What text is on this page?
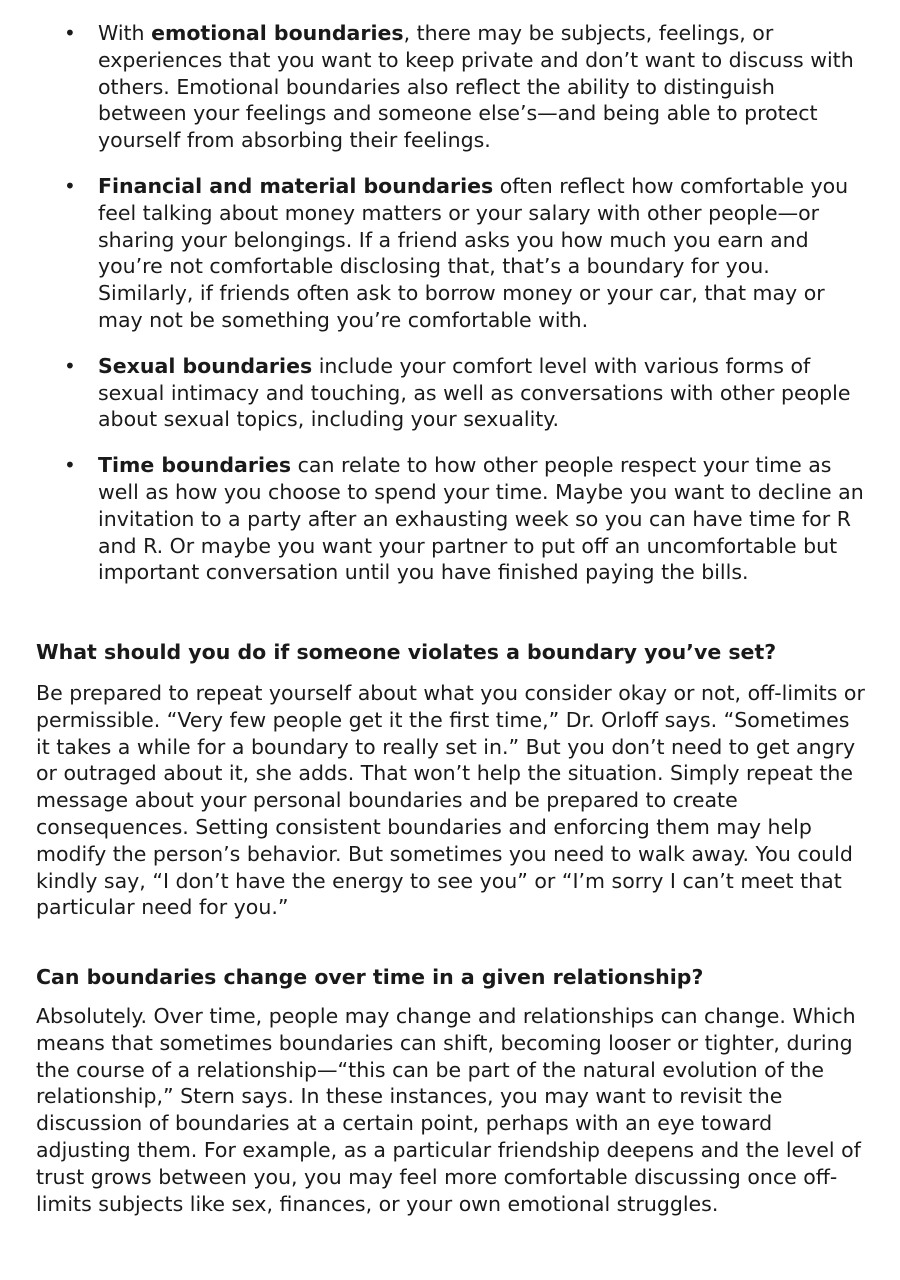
• With emotional boundaries, there may be subjects, feelings, or experiences that you want to keep private and don’t want to discuss with others. Emotional boundaries also reflect the ability to distinguish between your feelings and someone else’s—and being able to protect yourself from absorbing their feelings.
• Financial and material boundaries often reflect how comfortable you feel talking about money matters or your salary with other people—or sharing your belongings. If a friend asks you how much you earn and you’re not comfortable disclosing that, that’s a boundary for you. Similarly, if friends often ask to borrow money or your car, that may or may not be something you’re comfortable with.
• Sexual boundaries include your comfort level with various forms of sexual intimacy and touching, as well as conversations with other people about sexual topics, including your sexuality.
• Time boundaries can relate to how other people respect your time as well as how you choose to spend your time. Maybe you want to decline an invitation to a party after an exhausting week so you can have time for R and R. Or maybe you want your partner to put off an uncomfortable but important conversation until you have finished paying the bills.
What should you do if someone violates a boundary you’ve set?

Be prepared to repeat yourself about what you consider okay or not, off-limits or permissible. “Very few people get it the first time,” Dr. Orloff says. “Sometimes it takes a while for a boundary to really set in.” But you don’t need to get angry or outraged about it, she adds. That won’t help the situation. Simply repeat the message about your personal boundaries and be prepared to create consequences. Setting consistent boundaries and enforcing them may help modify the person’s behavior. But sometimes you need to walk away. You could kindly say, “I don’t have the energy to see you” or “I’m sorry I can’t meet that particular need for you.”

Can boundaries change over time in a given relationship?

Absolutely. Over time, people may change and relationships can change. Which means that sometimes boundaries can shift, becoming looser or tighter, during the course of a relationship—“this can be part of the natural evolution of the relationship,” Stern says. In these instances, you may want to revisit the discussion of boundaries at a certain point, perhaps with an eye toward adjusting them. For example, as a particular friendship deepens and the level of trust grows between you, you may feel more comfortable discussing once off-limits subjects like sex, finances, or your own emotional struggles.
